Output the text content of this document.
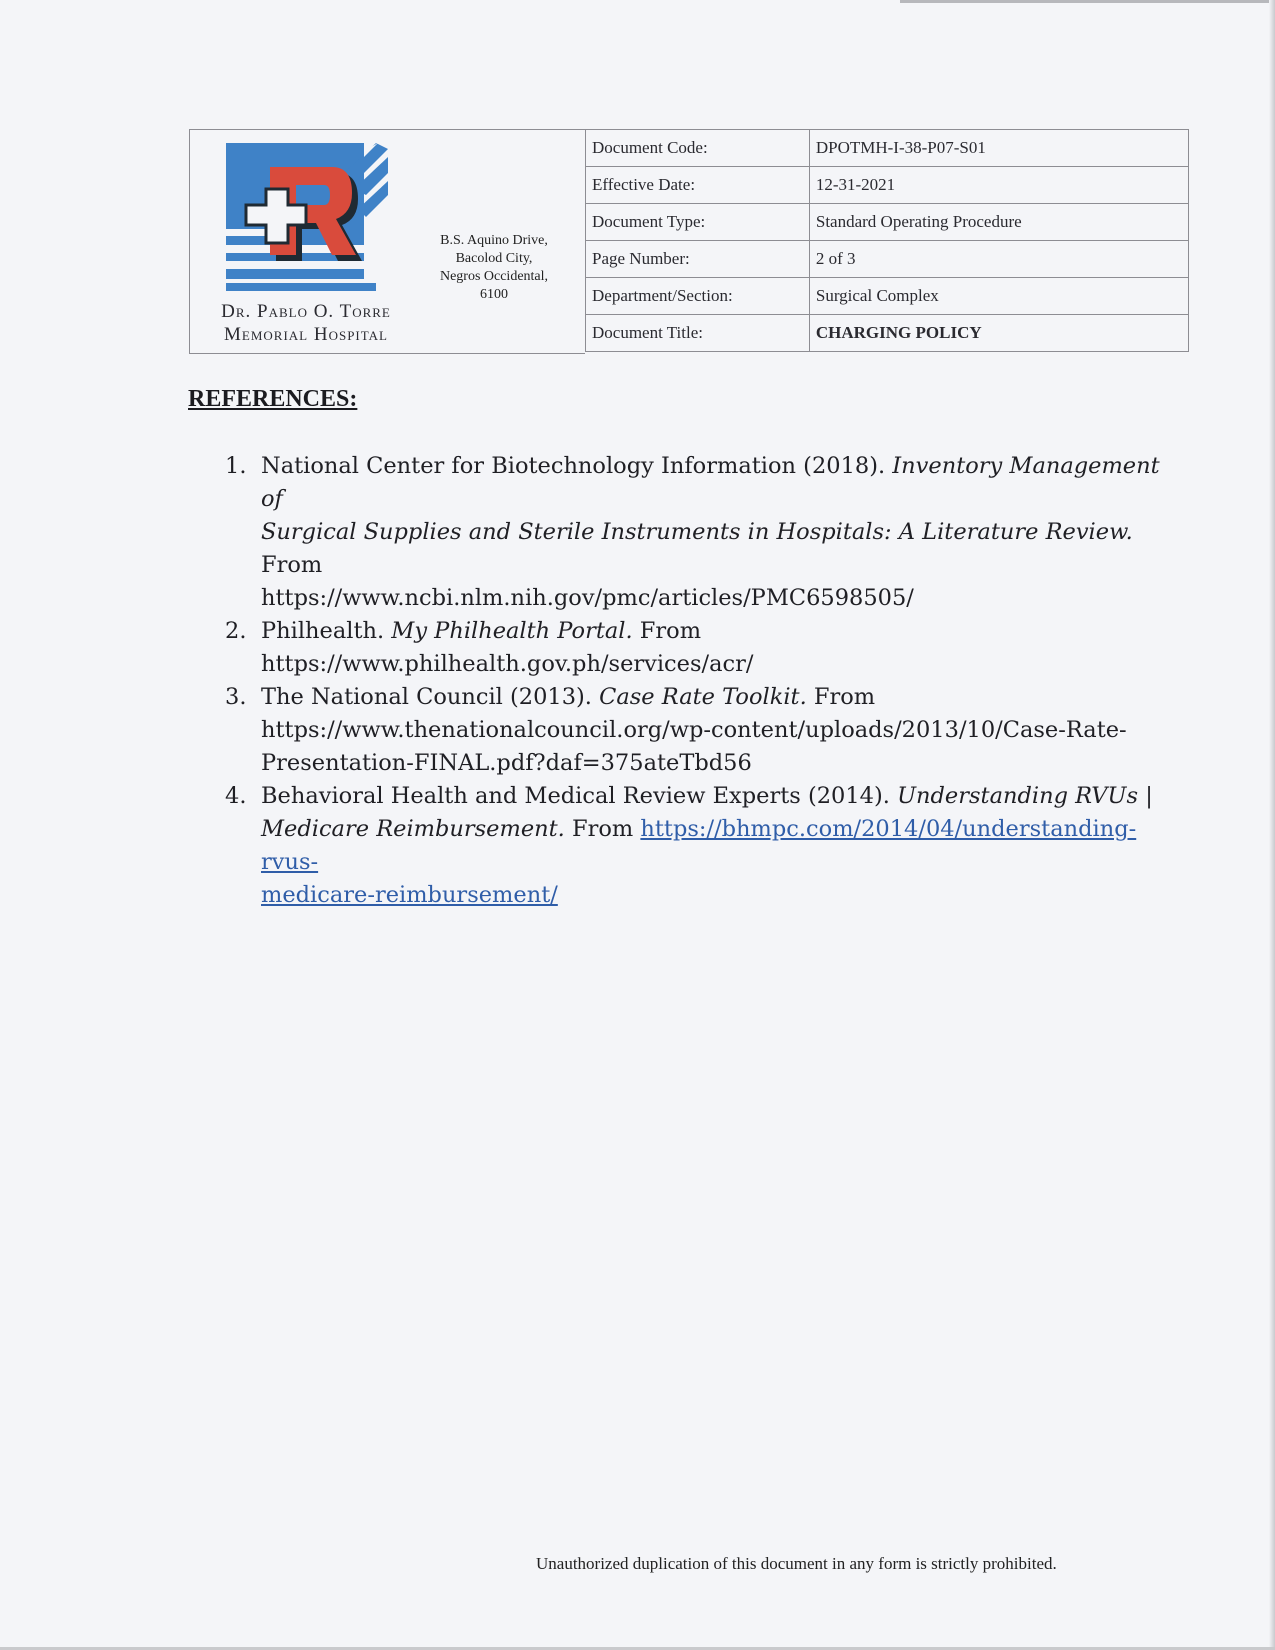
Dr. Pablo O. Torre
Memorial Hospital
B.S. Aquino Drive,
Bacolod City,
Negros Occidental,
6100
Document Code:	DPOTMH-I-38-P07-S01
Effective Date:	12-31-2021
Document Type:	Standard Operating Procedure
Page Number:	2 of 3
Department/Section:	Surgical Complex
Document Title:	CHARGING POLICY
REFERENCES:
1. National Center for Biotechnology Information (2018). Inventory Management of
Surgical Supplies and Sterile Instruments in Hospitals: A Literature Review. From
https://www.ncbi.nlm.nih.gov/pmc/articles/PMC6598505/
2. Philhealth. My Philhealth Portal. From https://www.philhealth.gov.ph/services/acr/
3. The National Council (2013). Case Rate Toolkit. From
https://www.thenationalcouncil.org/wp-content/uploads/2013/10/Case-Rate-
Presentation-FINAL.pdf?daf=375ateTbd56
4. Behavioral Health and Medical Review Experts (2014). Understanding RVUs |
Medicare Reimbursement. From https://bhmpc.com/2014/04/understanding-rvus-
medicare-reimbursement/
Unauthorized duplication of this document in any form is strictly prohibited.
